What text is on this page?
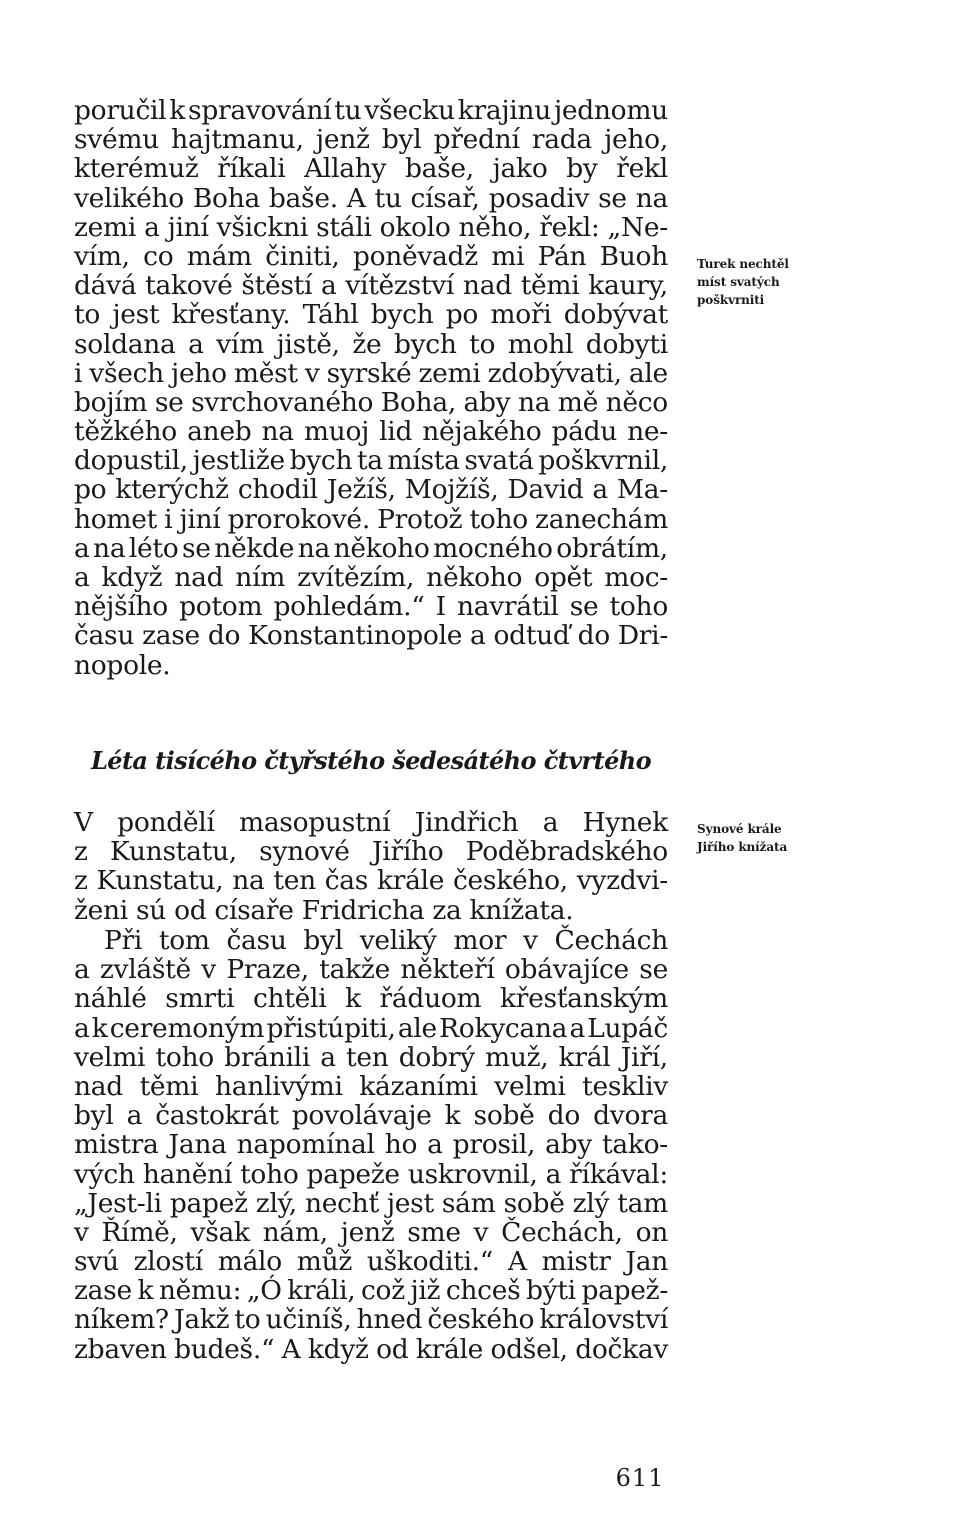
poručil k spravování tu všecku krajinu jednomu
svému hajtmanu, jenž byl přední rada jeho,
kterémuž říkali Allahy baše, jako by řekl
velikého Boha baše. A tu císař, posadiv se na
zemi a jiní všickni stáli okolo něho, řekl: „Ne-
vím, co mám činiti, poněvadž mi Pán Buoh
dává takové štěstí a vítězství nad těmi kaury,
to jest křesťany. Táhl bych po moři dobývat
soldana a vím jistě, že bych to mohl dobyti
i všech jeho měst v syrské zemi zdobývati, ale
bojím se svrchovaného Boha, aby na mě něco
těžkého aneb na muoj lid nějakého pádu ne-
dopustil, jestliže bych ta místa svatá poškvrnil,
po kterýchž chodil Ježíš, Mojžíš, David a Ma-
homet i jiní prorokové. Protož toho zanechám
a na léto se někde na někoho mocného obrátím,
a když nad ním zvítězím, někoho opět moc-
nějšího potom pohledám.“ I navrátil se toho
času zase do Konstantinopole a odtuď do Dri-
nopole.
Léta tisícého čtyřstého šedesátého čtvrtého
V pondělí masopustní Jindřich a Hynek
z Kunstatu, synové Jiřího Poděbradského
z Kunstatu, na ten čas krále českého, vyzdvi-
ženi sú od císaře Fridricha za knížata.
Při tom času byl veliký mor v Čechách
a zvláště v Praze, takže někteří obávajíce se
náhlé smrti chtěli k řáduom křesťanským
a k ceremoným přistúpiti, ale Rokycana a Lupáč
velmi toho bránili a ten dobrý muž, král Jiří,
nad těmi hanlivými kázaními velmi teskliv
byl a častokrát povolávaje k sobě do dvora
mistra Jana napomínal ho a prosil, aby tako-
vých hanění toho papeže uskrovnil, a říkával:
„Jest-li papež zlý, nechť jest sám sobě zlý tam
v Římě, však nám, jenž sme v Čechách, on
svú zlostí málo můž uškoditi.“ A mistr Jan
zase k němu: „Ó králi, což již chceš býti papež-
níkem? Jakž to učiníš, hned českého království
zbaven budeš.“ A když od krále odšel, dočkav
Turek nechtěl
míst svatých
poškvrniti
Synové krále
Jiřího knížata
611
